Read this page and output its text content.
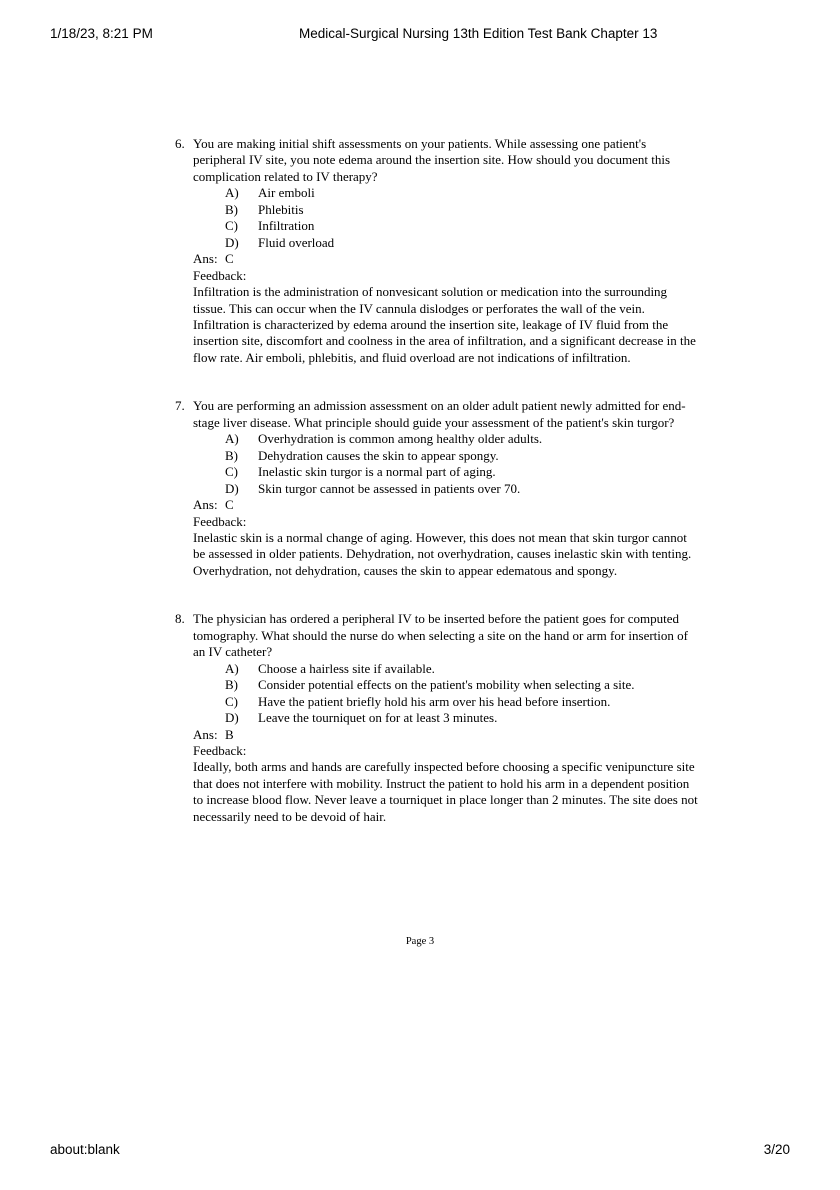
1/18/23, 8:21 PM	Medical-Surgical Nursing 13th Edition Test Bank Chapter 13
6. You are making initial shift assessments on your patients. While assessing one patient's peripheral IV site, you note edema around the insertion site. How should you document this complication related to IV therapy?
A)	Air emboli
B)	Phlebitis
C)	Infiltration
D)	Fluid overload
Ans: C
Feedback:
Infiltration is the administration of nonvesicant solution or medication into the surrounding tissue. This can occur when the IV cannula dislodges or perforates the wall of the vein. Infiltration is characterized by edema around the insertion site, leakage of IV fluid from the insertion site, discomfort and coolness in the area of infiltration, and a significant decrease in the flow rate. Air emboli, phlebitis, and fluid overload are not indications of infiltration.
7. You are performing an admission assessment on an older adult patient newly admitted for end-stage liver disease. What principle should guide your assessment of the patient's skin turgor?
A)	Overhydration is common among healthy older adults.
B)	Dehydration causes the skin to appear spongy.
C)	Inelastic skin turgor is a normal part of aging.
D)	Skin turgor cannot be assessed in patients over 70.
Ans: C
Feedback:
Inelastic skin is a normal change of aging. However, this does not mean that skin turgor cannot be assessed in older patients. Dehydration, not overhydration, causes inelastic skin with tenting. Overhydration, not dehydration, causes the skin to appear edematous and spongy.
8. The physician has ordered a peripheral IV to be inserted before the patient goes for computed tomography. What should the nurse do when selecting a site on the hand or arm for insertion of an IV catheter?
A)	Choose a hairless site if available.
B)	Consider potential effects on the patient's mobility when selecting a site.
C)	Have the patient briefly hold his arm over his head before insertion.
D)	Leave the tourniquet on for at least 3 minutes.
Ans: B
Feedback:
Ideally, both arms and hands are carefully inspected before choosing a specific venipuncture site that does not interfere with mobility. Instruct the patient to hold his arm in a dependent position to increase blood flow. Never leave a tourniquet in place longer than 2 minutes. The site does not necessarily need to be devoid of hair.
Page 3
about:blank	3/20
